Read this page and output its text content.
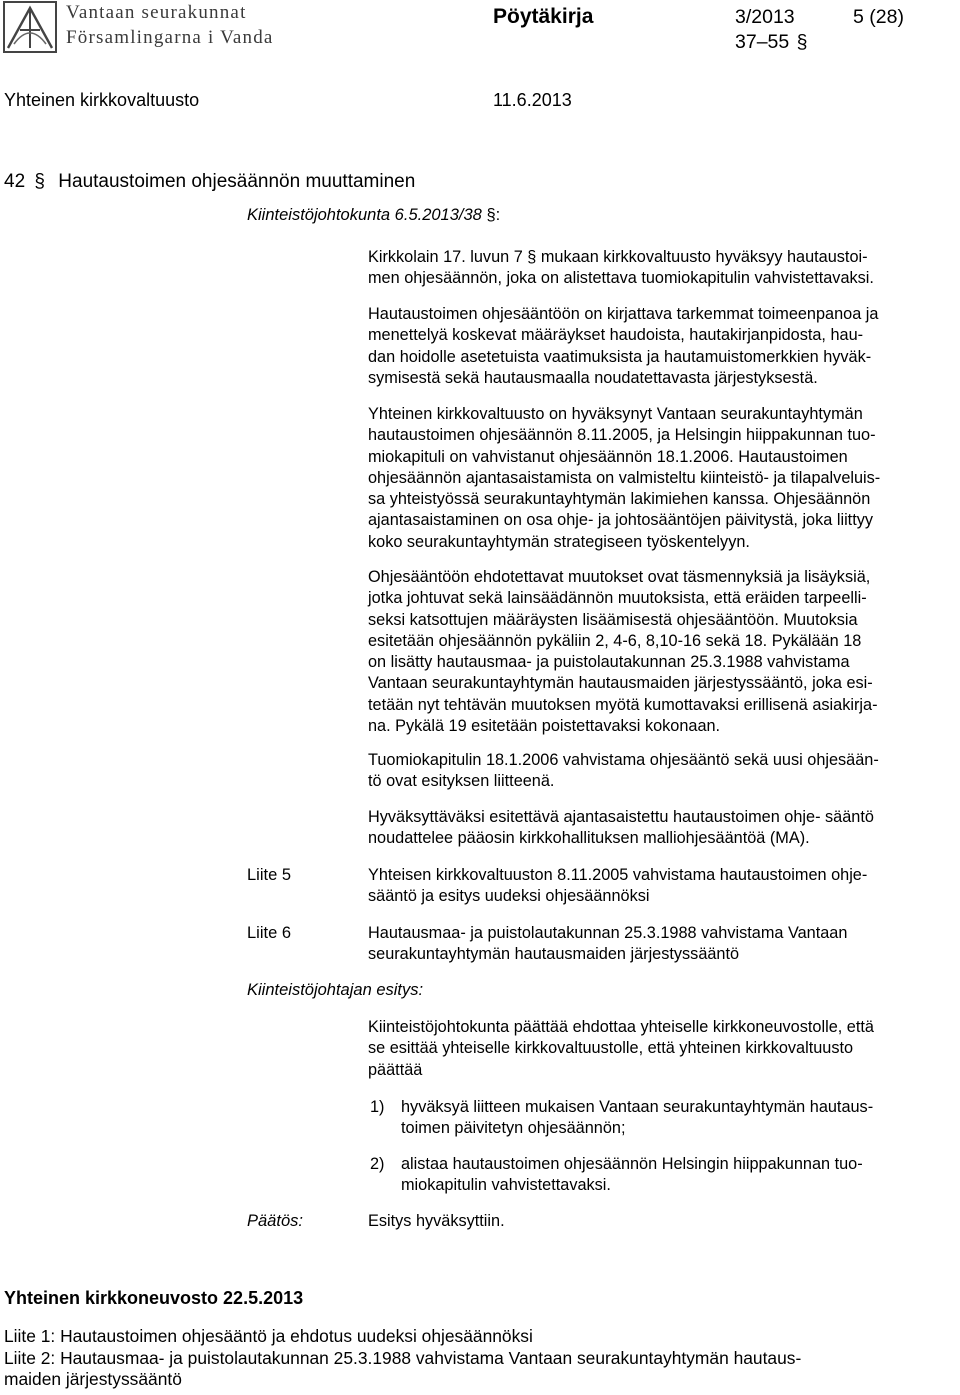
Vantaan seurakunnat
Församlingarna i Vanda
Pöytäkirja	3/2013	5 (28)
37–55 §
Yhteinen kirkkovaltuusto	11.6.2013
42 § Hautaustoimen ohjesäännön muuttaminen
Kiinteistöjohtokunta 6.5.2013/38 §:
Kirkkolain 17. luvun 7 § mukaan kirkkovaltuusto hyväksyy hautaustoi-
men ohjesäännön, joka on alistettava tuomiokapitulin vahvistettavaksi.
Hautaustoimen ohjesääntöön on kirjattava tarkemmat toimeenpanoa ja
menettelyä koskevat määräykset haudoista, hautakirjanpidosta, hau-
dan hoidolle asetetuista vaatimuksista ja hautamuistomerkkien hyväk-
symisestä sekä hautausmaalla noudatettavasta järjestyksestä.
Yhteinen kirkkovaltuusto on hyväksynyt Vantaan seurakuntayhtymän
hautaustoimen ohjesäännön 8.11.2005, ja Helsingin hiippakunnan tuo-
miokapituli on vahvistanut ohjesäännön 18.1.2006. Hautaustoimen
ohjesäännön ajantasaistamista on valmisteltu kiinteistö- ja tilapalveluis-
sa yhteistyössä seurakuntayhtymän lakimiehen kanssa. Ohjesäännön
ajantasaistaminen on osa ohje- ja johtosääntöjen päivitystä, joka liittyy
koko seurakuntayhtymän strategiseen työskentelyyn.
Ohjesääntöön ehdotettavat muutokset ovat täsmennyksiä ja lisäyksiä,
jotka johtuvat sekä lainsäädännön muutoksista, että eräiden tarpeelli-
seksi katsottujen määräysten lisäämisestä ohjesääntöön. Muutoksia
esitetään ohjesäännön pykäliin 2, 4-6, 8,10-16 sekä 18. Pykälään 18
on lisätty hautausmaa- ja puistolautakunnan 25.3.1988 vahvistama
Vantaan seurakuntayhtymän hautausmaiden järjestyssääntö, joka esi-
tetään nyt tehtävän muutoksen myötä kumottavaksi erillisenä asiakirja-
na. Pykälä 19 esitetään poistettavaksi kokonaan.
Tuomiokapitulin 18.1.2006 vahvistama ohjesääntö sekä uusi ohjesään-
tö ovat esityksen liitteenä.
Hyväksyttäväksi esitettävä ajantasaistettu hautaustoimen ohje- sääntö
noudattelee pääosin kirkkohallituksen malliohjesääntöä (MA).
Liite 5	Yhteisen kirkkovaltuuston 8.11.2005 vahvistama hautaustoimen ohje-
sääntö ja esitys uudeksi ohjesäännöksi
Liite 6	Hautausmaa- ja puistolautakunnan 25.3.1988 vahvistama Vantaan
seurakuntayhtymän hautausmaiden järjestyssääntö
Kiinteistöjohtajan esitys:
Kiinteistöjohtokunta päättää ehdottaa yhteiselle kirkkoneuvostolle, että
se esittää yhteiselle kirkkovaltuustolle, että yhteinen kirkkovaltuusto
päättää
1) hyväksyä liitteen mukaisen Vantaan seurakuntayhtymän hautaus-
toimen päivitetyn ohjesäännön;
2) alistaa hautaustoimen ohjesäännön Helsingin hiippakunnan tuo-
miokapitulin vahvistettavaksi.
Päätös:	Esitys hyväksyttiin.
Yhteinen kirkkoneuvosto 22.5.2013
Liite 1: Hautaustoimen ohjesääntö ja ehdotus uudeksi ohjesäännöksi
Liite 2: Hautausmaa- ja puistolautakunnan 25.3.1988 vahvistama Vantaan seurakuntayhtymän hautaus-
maiden järjestyssääntö
